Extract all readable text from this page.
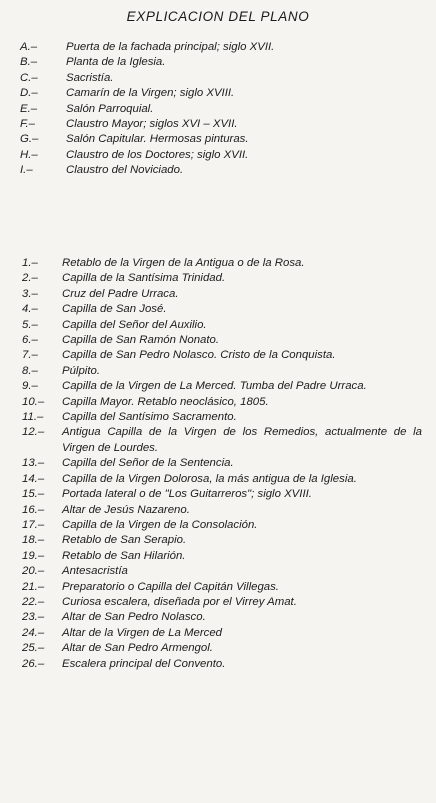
EXPLICACION DEL PLANO
A.–	Puerta de la fachada principal; siglo XVII.
B.–	Planta de la Iglesia.
C.–	Sacristía.
D.–	Camarín de la Virgen; siglo XVIII.
E.–	Salón Parroquial.
F.–	Claustro Mayor; siglos XVI – XVII.
G.–	Salón Capitular. Hermosas pinturas.
H.–	Claustro de los Doctores; siglo XVII.
I.–	Claustro del Noviciado.
1.–	Retablo de la Virgen de la Antigua o de la Rosa.
2.–	Capilla de la Santísima Trinidad.
3.–	Cruz del Padre Urraca.
4.–	Capilla de San José.
5.–	Capilla del Señor del Auxilio.
6.–	Capilla de San Ramón Nonato.
7.–	Capilla de San Pedro Nolasco. Cristo de la Conquista.
8.–	Púlpito.
9.–	Capilla de la Virgen de La Merced. Tumba del Padre Urraca.
10.–	Capilla Mayor. Retablo neoclásico, 1805.
11.–	Capilla del Santísimo Sacramento.
12.–	Antigua Capilla de la Virgen de los Remedios, actualmente de la Virgen de Lourdes.
13.–	Capilla del Señor de la Sentencia.
14.–	Capilla de la Virgen Dolorosa, la más antigua de la Iglesia.
15.–	Portada lateral o de "Los Guitarreros"; siglo XVIII.
16.–	Altar de Jesús Nazareno.
17.–	Capilla de la Virgen de la Consolación.
18.–	Retablo de San Serapio.
19.–	Retablo de San Hilarión.
20.–	Antesacristía
21.–	Preparatorio o Capilla del Capitán Villegas.
22.–	Curiosa escalera, diseñada por el Virrey Amat.
23.–	Altar de San Pedro Nolasco.
24.–	Altar de la Virgen de La Merced
25.–	Altar de San Pedro Armengol.
26.–	Escalera principal del Convento.
